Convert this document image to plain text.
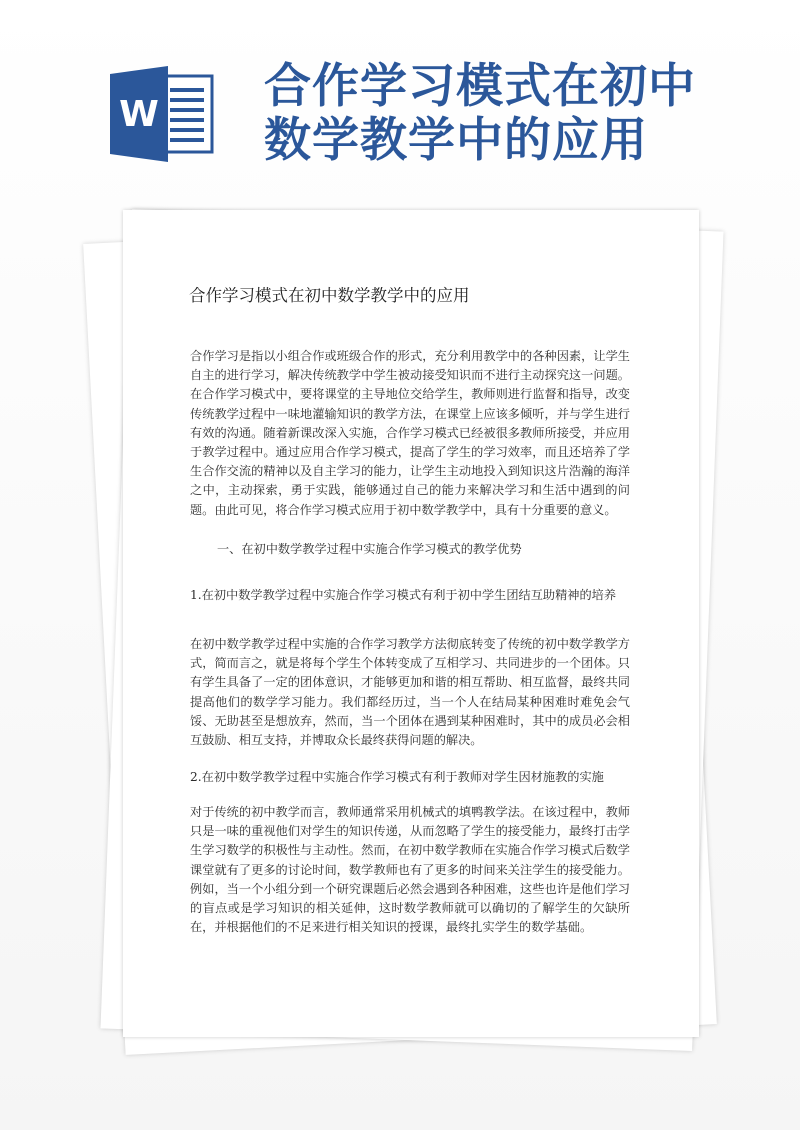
W
合作学习模式在初中数学教学中的应用
合作学习模式在初中数学教学中的应用

合作学习是指以小组合作或班级合作的形式，充分利用教学中的各种因素，让学生自主的进行学习，解决传统教学中学生被动接受知识而不进行主动探究这一问题。在合作学习模式中，要将课堂的主导地位交给学生，教师则进行监督和指导，改变传统教学过程中一味地灌输知识的教学方法，在课堂上应该多倾听，并与学生进行有效的沟通。随着新课改深入实施，合作学习模式已经被很多教师所接受，并应用于教学过程中。通过应用合作学习模式，提高了学生的学习效率，而且还培养了学生合作交流的精神以及自主学习的能力，让学生主动地投入到知识这片浩瀚的海洋之中，主动探索，勇于实践，能够通过自己的能力来解决学习和生活中遇到的问题。由此可见，将合作学习模式应用于初中数学教学中，具有十分重要的意义。

一、在初中数学教学过程中实施合作学习模式的教学优势
1.在初中数学教学过程中实施合作学习模式有利于初中学生团结互助精神的培养

在初中数学教学过程中实施的合作学习教学方法彻底转变了传统的初中数学教学方式，简而言之，就是将每个学生个体转变成了互相学习、共同进步的一个团体。只有学生具备了一定的团体意识，才能够更加和谐的相互帮助、相互监督，最终共同提高他们的数学学习能力。我们都经历过，当一个人在结局某种困难时难免会气馁、无助甚至是想放弃，然而，当一个团体在遇到某种困难时，其中的成员必会相互鼓励、相互支持，并博取众长最终获得问题的解决。

2.在初中数学教学过程中实施合作学习模式有利于教师对学生因材施教的实施

对于传统的初中教学而言，教师通常采用机械式的填鸭教学法。在该过程中，教师只是一味的重视他们对学生的知识传递，从而忽略了学生的接受能力，最终打击学生学习数学的积极性与主动性。然而，在初中数学教师在实施合作学习模式后数学课堂就有了更多的讨论时间，数学教师也有了更多的时间来关注学生的接受能力。例如，当一个小组分到一个研究课题后必然会遇到各种困难，这些也许是他们学习的盲点或是学习知识的相关延伸，这时数学教师就可以确切的了解学生的欠缺所在，并根据他们的不足来进行相关知识的授课，最终扎实学生的数学基础。
